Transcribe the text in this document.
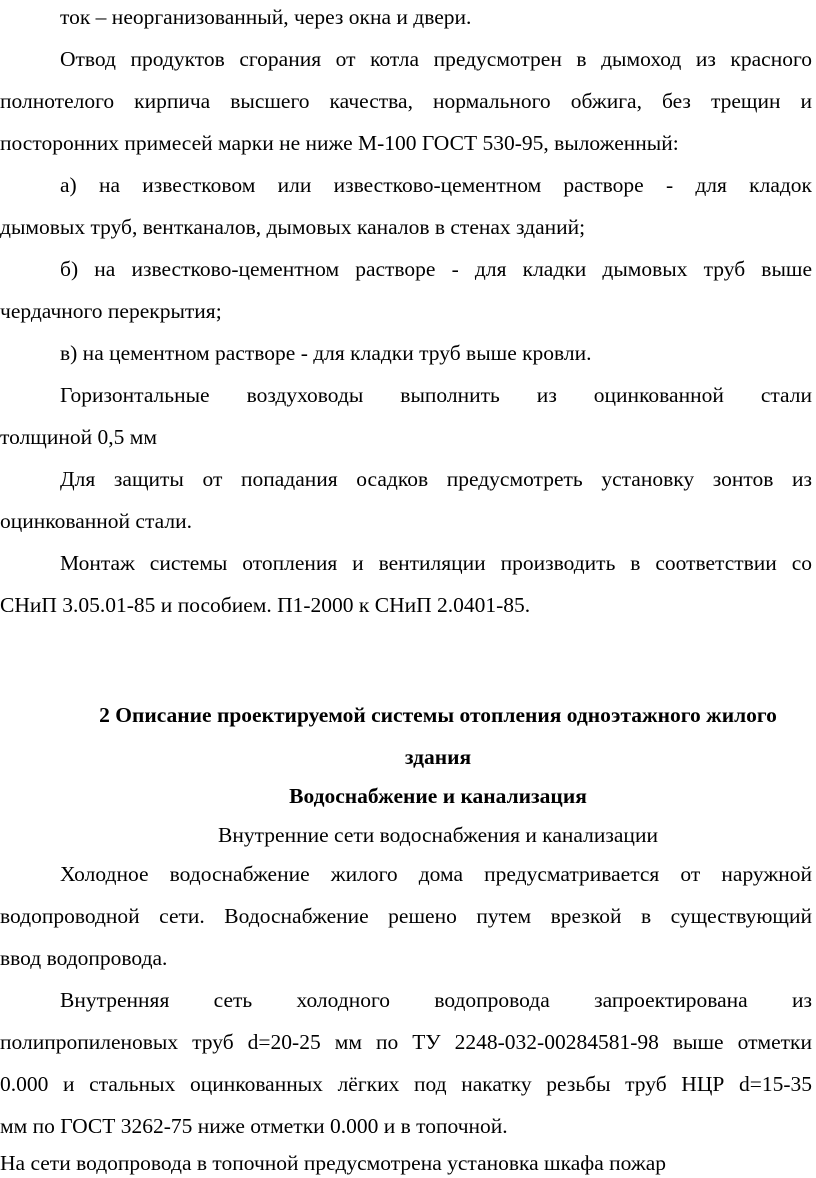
ток – неорганизованный, через окна и двери.
Отвод продуктов сгорания от котла предусмотрен в дымоход из красного
полнотелого кирпича высшего качества, нормального обжига, без трещин и
посторонних примесей марки не ниже М-100 ГОСТ 530-95, выложенный:
а) на известковом или известково-цементном растворе - для кладок
дымовых труб, вентканалов, дымовых каналов в стенах зданий;
б) на известково-цементном растворе - для кладки дымовых труб выше
чердачного перекрытия;
в) на цементном растворе - для кладки труб выше кровли.
Горизонтальные воздуховоды выполнить из оцинкованной стали
толщиной 0,5 мм
Для защиты от попадания осадков предусмотреть установку зонтов из
оцинкованной стали.
Монтаж системы отопления и вентиляции производить в соответствии со
СНиП 3.05.01-85 и пособием. П1-2000 к СНиП 2.0401-85.
2 Описание проектируемой системы отопления одноэтажного жилого
здания
Водоснабжение и канализация
Внутренние сети водоснабжения и канализации
Холодное водоснабжение жилого дома предусматривается от наружной
водопроводной сети. Водоснабжение решено путем врезкой в существующий
ввод водопровода.
Внутренняя сеть холодного водопровода запроектирована из
полипропиленовых труб d=20-25 мм по ТУ 2248-032-00284581-98 выше отметки
0.000 и стальных оцинкованных лёгких под накатку резьбы труб НЦР d=15-35
мм по ГОСТ 3262-75 ниже отметки 0.000 и в топочной.
На сети водопровода в топочной предусмотрена установка шкафа пожар
